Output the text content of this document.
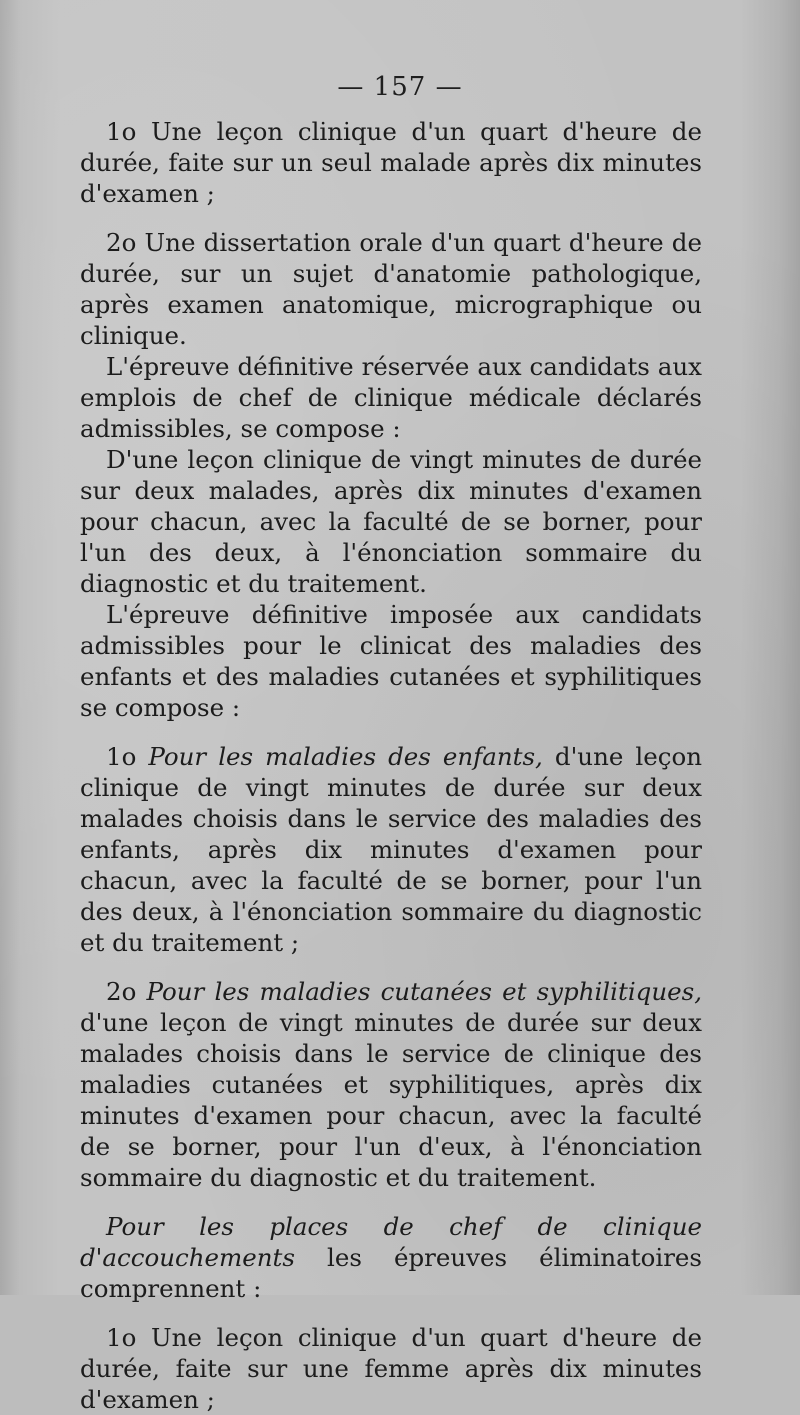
— 157 —

1o Une leçon clinique d'un quart d'heure de durée, faite sur un seul malade après dix minutes d'examen ;

2o Une dissertation orale d'un quart d'heure de durée, sur un sujet d'anatomie pathologique, après examen anatomique, micrographique ou clinique.

L'épreuve définitive réservée aux candidats aux emplois de chef de clinique médicale déclarés admissibles, se compose :

D'une leçon clinique de vingt minutes de durée sur deux malades, après dix minutes d'examen pour chacun, avec la faculté de se borner, pour l'un des deux, à l'énonciation sommaire du diagnostic et du traitement.

L'épreuve définitive imposée aux candidats admissibles pour le clinicat des maladies des enfants et des maladies cutanées et syphilitiques se compose :

1o Pour les maladies des enfants, d'une leçon clinique de vingt minutes de durée sur deux malades choisis dans le service des maladies des enfants, après dix minutes d'examen pour chacun, avec la faculté de se borner, pour l'un des deux, à l'énonciation sommaire du diagnostic et du traitement ;

2o Pour les maladies cutanées et syphilitiques, d'une leçon de vingt minutes de durée sur deux malades choisis dans le service de clinique des maladies cutanées et syphilitiques, après dix minutes d'examen pour chacun, avec la faculté de se borner, pour l'un d'eux, à l'énonciation sommaire du diagnostic et du traitement.

Pour les places de chef de clinique d'accouchements les épreuves éliminatoires comprennent :

1o Une leçon clinique d'un quart d'heure de durée, faite sur une femme après dix minutes d'examen ;
